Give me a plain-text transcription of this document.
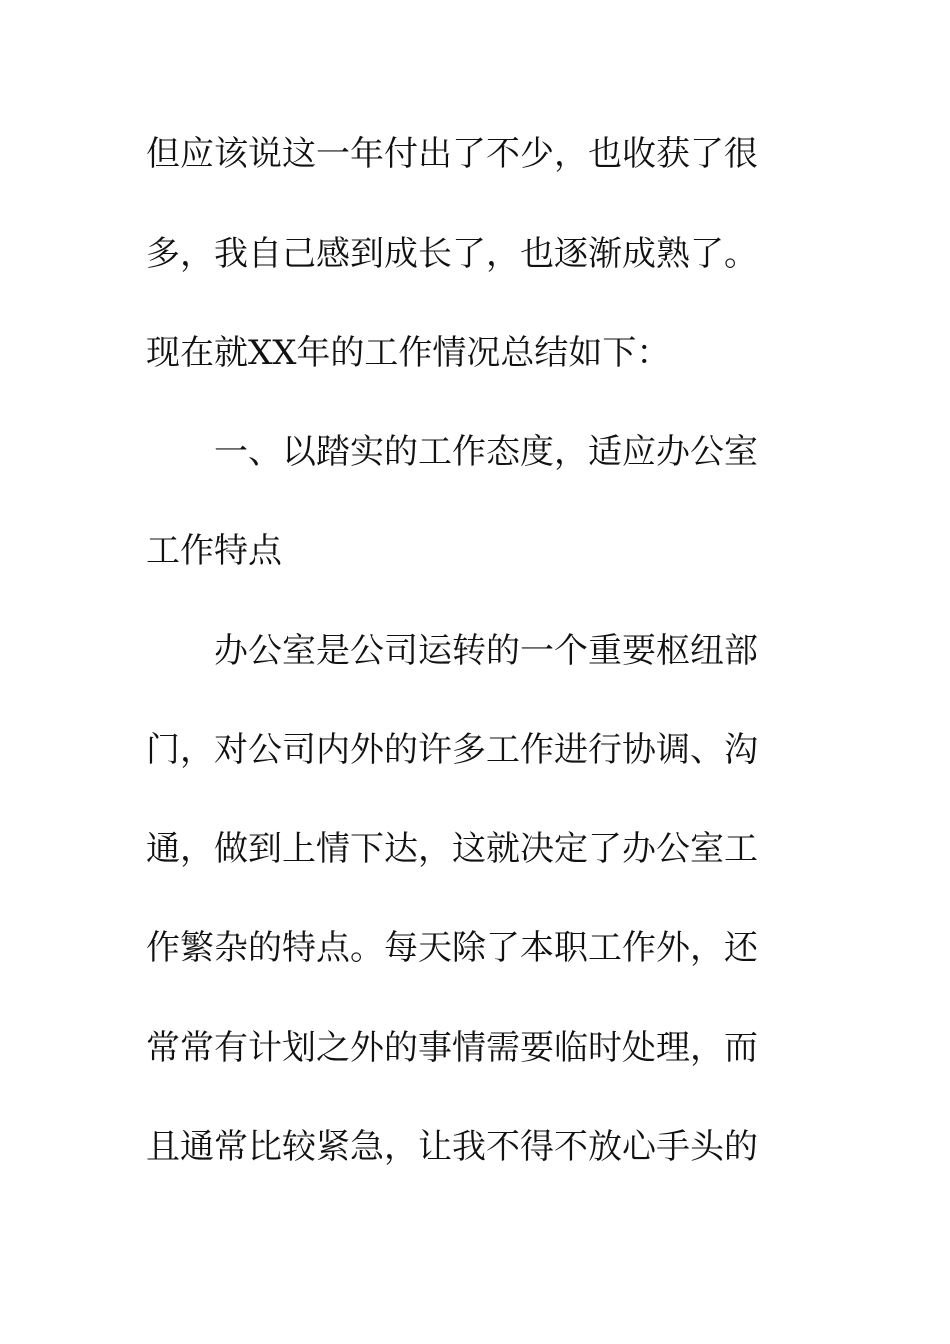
但应该说这一年付出了不少，也收获了很
多，我自己感到成长了，也逐渐成熟了。
现在就XX年的工作情况总结如下：
一、以踏实的工作态度，适应办公室
工作特点
办公室是公司运转的一个重要枢纽部
门，对公司内外的许多工作进行协调、沟
通，做到上情下达，这就决定了办公室工
作繁杂的特点。每天除了本职工作外，还
常常有计划之外的事情需要临时处理，而
且通常比较紧急，让我不得不放心手头的
